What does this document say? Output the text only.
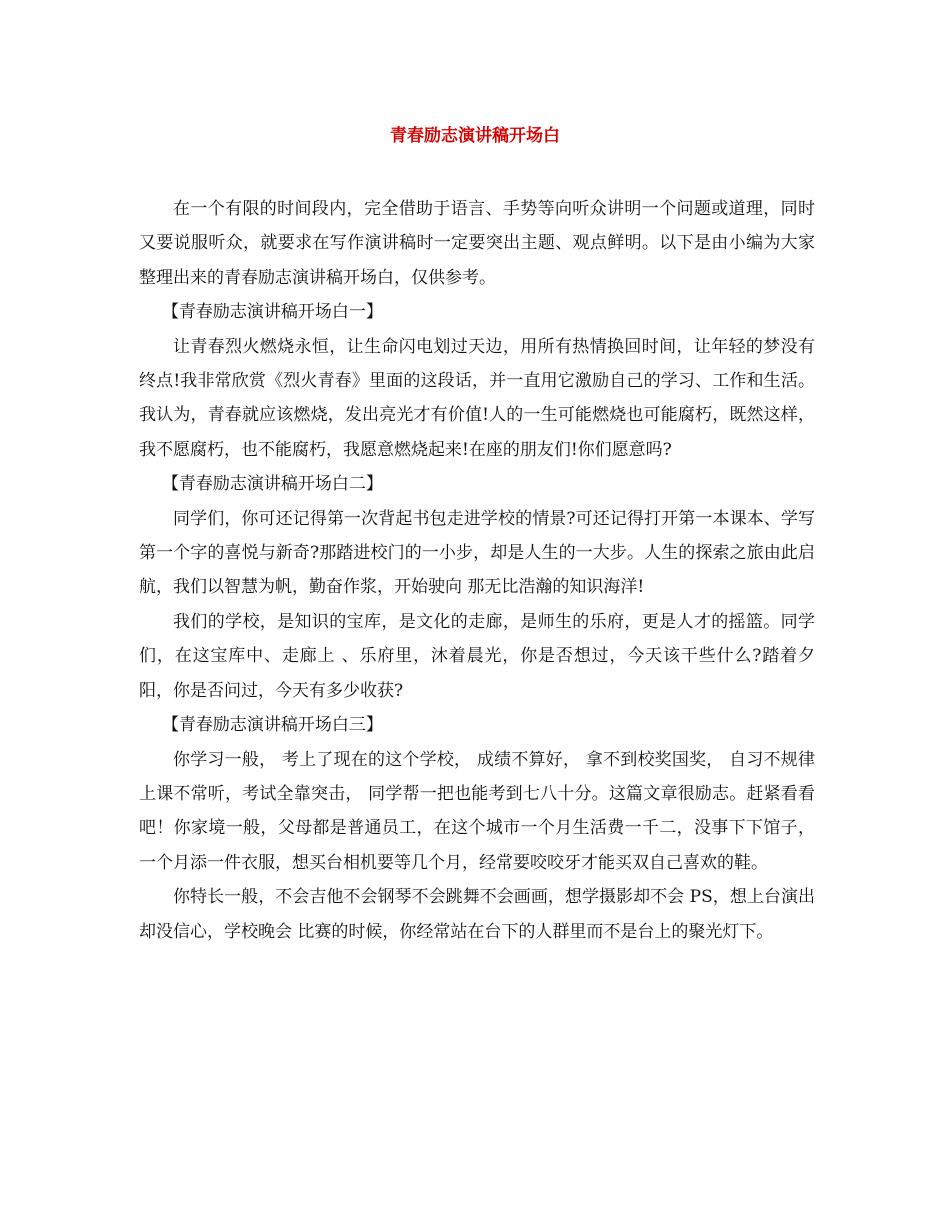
青春励志演讲稿开场白

在一个有限的时间段内，完全借助于语言、手势等向听众讲明一个问题或道理，同时又要说服听众，就要求在写作演讲稿时一定要突出主题、观点鲜明。以下是由小编为大家整理出来的青春励志演讲稿开场白，仅供参考。

【青春励志演讲稿开场白一】

让青春烈火燃烧永恒，让生命闪电划过天边，用所有热情换回时间，让年轻的梦没有终点!我非常欣赏《烈火青春》里面的这段话，并一直用它激励自己的学习、工作和生活。我认为，青春就应该燃烧，发出亮光才有价值!人的一生可能燃烧也可能腐朽，既然这样，我不愿腐朽，也不能腐朽，我愿意燃烧起来!在座的朋友们!你们愿意吗?

【青春励志演讲稿开场白二】

同学们，你可还记得第一次背起书包走进学校的情景?可还记得打开第一本课本、学写第一个字的喜悦与新奇?那踏进校门的一小步，却是人生的一大步。人生的探索之旅由此启航，我们以智慧为帆，勤奋作浆，开始驶向 那无比浩瀚的知识海洋!

我们的学校，是知识的宝库，是文化的走廊，是师生的乐府，更是人才的摇篮。同学们，在这宝库中、走廊上 、乐府里，沐着晨光，你是否想过，今天该干些什么?踏着夕阳，你是否问过，今天有多少收获?

【青春励志演讲稿开场白三】

你学习一般， 考上了现在的这个学校， 成绩不算好， 拿不到校奖国奖， 自习不规律上课不常听，考试全靠突击， 同学帮一把也能考到七八十分。这篇文章很励志。赶紧看看吧！你家境一般，父母都是普通员工，在这个城市一个月生活费一千二，没事下下馆子，一个月添一件衣服，想买台相机要等几个月，经常要咬咬牙才能买双自己喜欢的鞋。

你特长一般，不会吉他不会钢琴不会跳舞不会画画，想学摄影却不会 PS，想上台演出却没信心，学校晚会 比赛的时候，你经常站在台下的人群里而不是台上的聚光灯下。
